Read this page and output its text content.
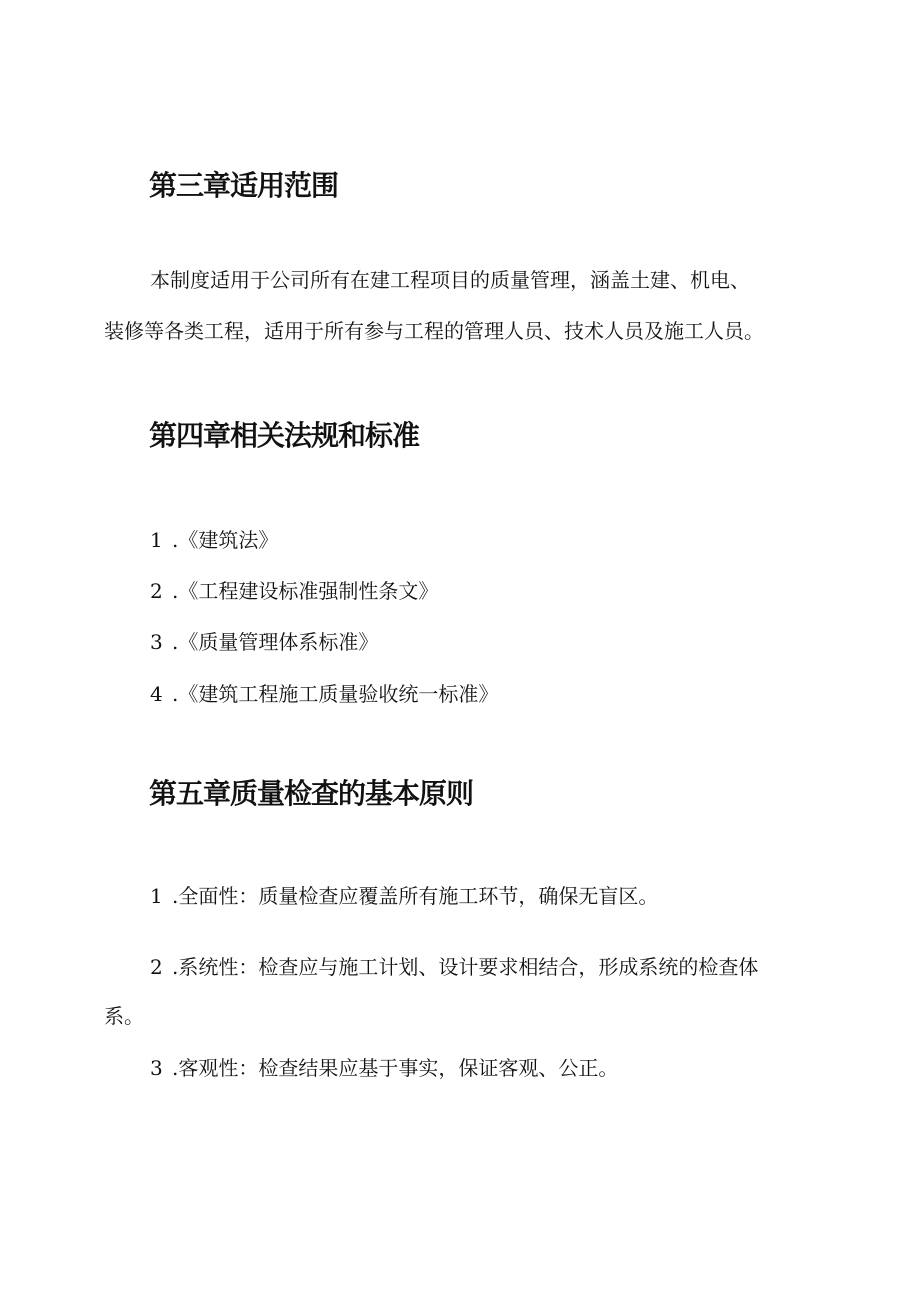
第三章适用范围

本制度适用于公司所有在建工程项目的质量管理，涵盖土建、机电、

装修等各类工程，适用于所有参与工程的管理人员、技术人员及施工人员。

第四章相关法规和标准

1 .《建筑法》

2 .《工程建设标准强制性条文》

3 .《质量管理体系标准》

4 .《建筑工程施工质量验收统一标准》

第五章质量检查的基本原则

1 .全面性：质量检查应覆盖所有施工环节，确保无盲区。

2 .系统性：检查应与施工计划、设计要求相结合，形成系统的检查体

系。

3 .客观性：检查结果应基于事实，保证客观、公正。
